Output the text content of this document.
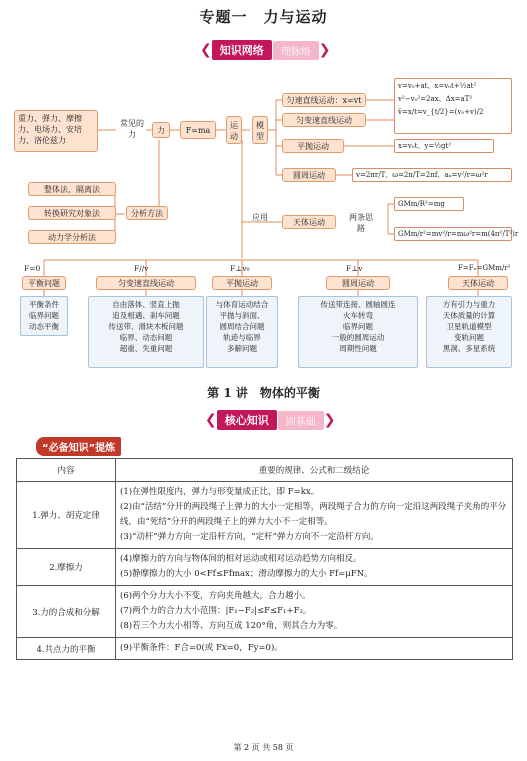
专题一　力与运动
❮ 知识网络	理脉络 ❯
重力、弹力、摩擦力、电场力、安培力、洛伦兹力
常见的力	力	F=ma
运动
模型
整体法、隔离法
转换研究对象法
动力学分析法
分析方法
匀速直线运动：x=vt
匀变速直线运动
平抛运动
圆周运动
应用
天体运动
两条思路
v=v₀+at、x=v₀t+½at²
v²−v₀²=2ax、Δx=aT²
v̄=x/t=v_{t/2}=(v₀+v)/2
x=v₀t、y=½gt²
v=2πr/T、ω=2π/T=2πf、aₙ=v²/r=ω²r
GMm/R²=mg
GMm/r²=mv²/r=mω²r=m(4π²/T²)r
F=0	F//v	F⊥v₀	F⊥v	F=Fₙ=GMm/r²
平衡问题	匀变速直线运动	平抛运动	圆周运动	天体运动
平衡条件
临界问题
动态平衡
自由落体、竖直上抛
追及相遇、刹车问题
传送带、滑块木板问题
临界、动态问题
超重、失重问题
与体育运动结合
平抛与斜面、
圆周结合问题
轨迹与临界
多解问题
传送带连接、圆轴圆连
火车转弯
临界问题
一般的圆周运动
周期性问题
方有引力与重力
天体质量的计算
卫星轨道模型
变轨问题
黑洞、多星系统
第 1 讲　物体的平衡
❮ 核心知识	固基础 ❯
“必备知识”提炼
内容	重要的规律、公式和二级结论
1.弹力、胡克定律	(1)在弹性限度内，弹力与形变量成正比，即 F=kx。

(2)由“活结”分开的两段绳子上弹力的大小一定相等，两段绳子合力的方向一定沿这两段绳子夹角的平分线，由“死结”分开的两段绳子上的弹力大小不一定相等。

(3)“动杆”弹力方向一定沿杆方向，“定杆”弹力方向不一定沿杆方向。

2.摩擦力	(4)摩擦力的方向与物体间的相对运动或相对运动趋势方向相反。

(5)静摩擦力的大小 0<Ff≤Ffmax；滑动摩擦力的大小 Ff=μFN。

3.力的合成和分解	(6)两个分力大小不变，方向夹角越大，合力越小。

(7)两个力的合力大小范围：|F₁−F₂|≤F≤F₁+F₂。

(8)若三个力大小相等、方向互成 120°角，则其合力为零。

4.共点力的平衡	(9)平衡条件：F合=0(或 Fx=0，Fy=0)。

第 2 页 共 58 页
